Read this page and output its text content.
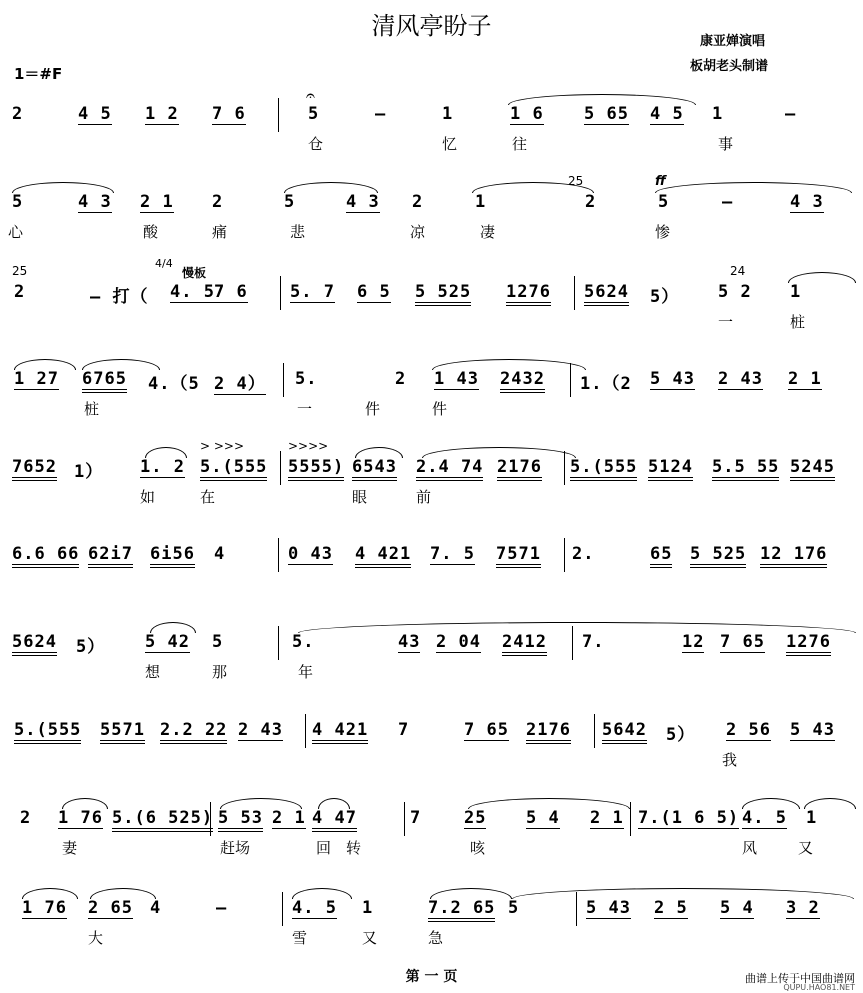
清风亭盼子
康亚婵演唱
板胡老头制谱
1＝#F
2	4 5 1 2 7 6
𝄐
5	–	1	1 6 5 65 4 5 1	–
仓	忆	往	事
5	4 3 2 1 2	5	4 3 2	1
25
2
ff
5	–	4 3
心	酸	痛	悲	凉	凄	惨
25
2	– 打（
4/4
慢板
4. 5 7 6 5. 7 6 5 5 525 1276 5624 5）
24
5 2 1
一	桩
1 27 6765 4.（5 2 4） 5.	2 1 43 2432 1.（2 5 43 2 43 2 1
桩	一	件	件
7652 1） 1. 2
> >>>
5.(555
>>>>
5555) 6543 2.4 74 2176 5.(555 5124 5.5 55 5245
如	在	眼	前
6.6 66 62i7 6i56 4	0 43 4 421 7. 5 7571 2.	65 5 525 12 176
5624 5） 5 42 5	5.	43 2 04 2412 7.	12 7 65 1276
想	那	年
5.(555 5571 2.2 22 2 43 4 421 7	7 65 2176 5642 5） 2 56 5 43
我
2 1 76 5.(6 525) 5 53 2 1 4 47	7	25 5 4 2 1 7.(1 6 5) 4. 5 1
妻	赶场	回 转	咳	风	又
1 76 2 65 4	–	4. 5 1	7.2 65 5	5 43 2 5 5 4 3 2
大	雪	又	急
第 一 页	曲谱上传于中国曲谱网
QUPU.HAO81.NET
